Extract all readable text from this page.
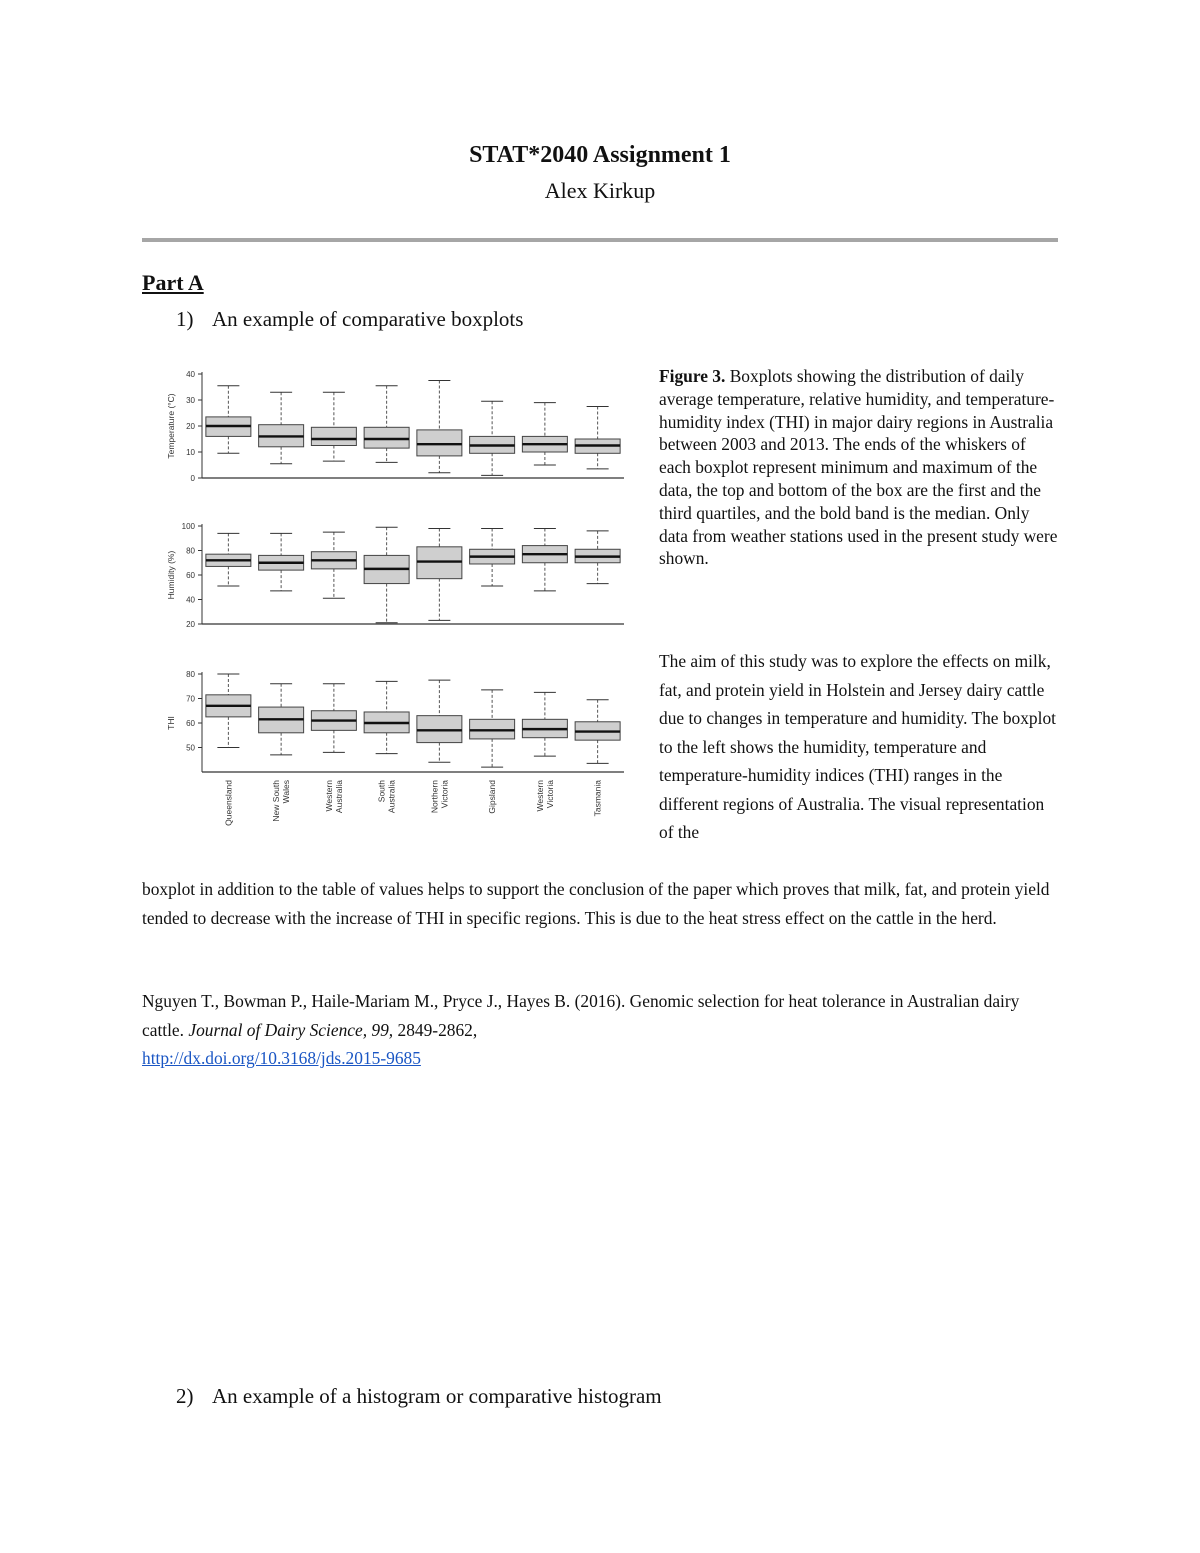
STAT*2040 Assignment 1
Alex Kirkup
Part A
1) An example of comparative boxplots
0
10
20
30
40
Temperature (°C)
20
40
60
80
100
Humidity (%)
50
60
70
80
THI
Queensland	New SouthWales	WesternAustralia	SouthAustralia	NorthernVictoria	Gipsland	WesternVictoria	Tasmania
Figure 3. Boxplots showing the distribution of daily average temperature, relative humidity, and temperature-humidity index (THI) in major dairy regions in Australia between 2003 and 2013. The ends of the whiskers of each boxplot represent minimum and maximum of the data, the top and bottom of the box are the first and the third quartiles, and the bold band is the median. Only data from weather stations used in the present study were shown.
The aim of this study was to explore the effects on milk, fat, and protein yield in Holstein and Jersey dairy cattle due to changes in temperature and humidity. The boxplot to the left shows the humidity, temperature and temperature-humidity indices (THI) ranges in the different regions of Australia. The visual representation of the
boxplot in addition to the table of values helps to support the conclusion of the paper which proves that milk, fat, and protein yield tended to decrease with the increase of THI in specific regions. This is due to the heat stress effect on the cattle in the herd.
Nguyen T., Bowman P., Haile-Mariam M., Pryce J., Hayes B. (2016). Genomic selection for heat tolerance in Australian dairy cattle. Journal of Dairy Science, 99, 2849-2862,
http://dx.doi.org/10.3168/jds.2015-9685
2) An example of a histogram or comparative histogram
